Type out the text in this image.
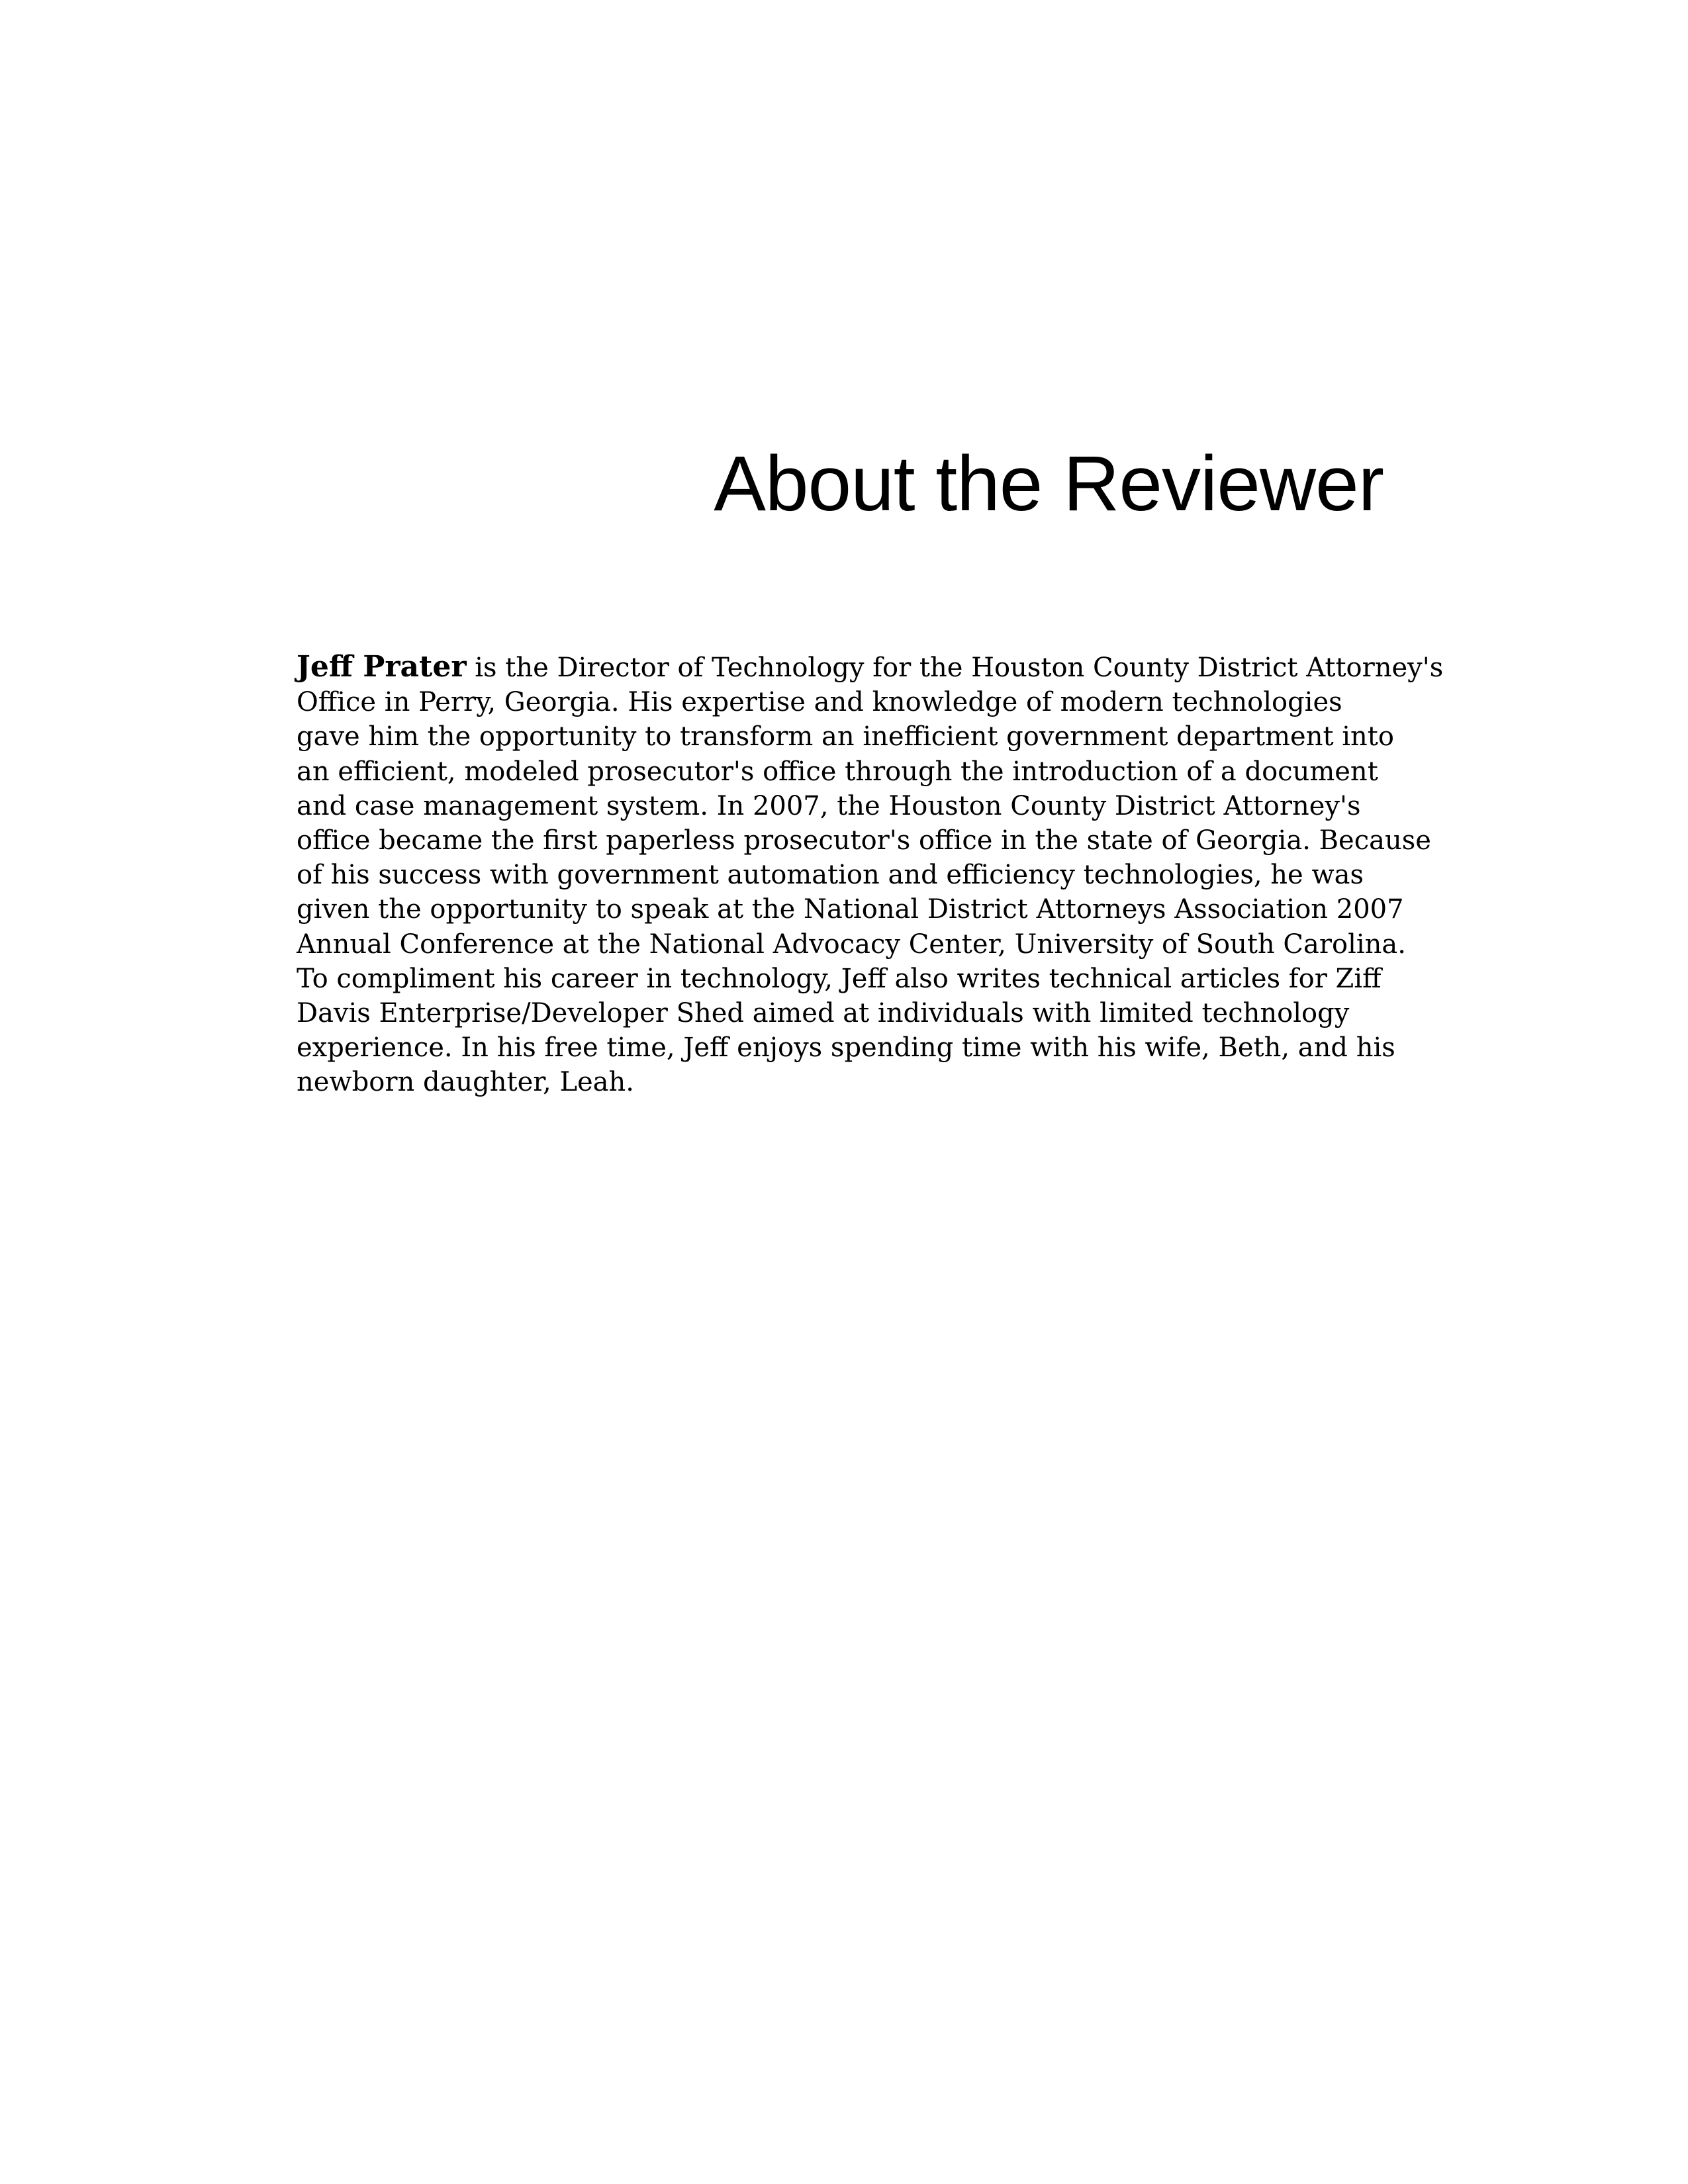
About the Reviewer
Jeff Prater is the Director of Technology for the Houston County District Attorney's
Office in Perry, Georgia. His expertise and knowledge of modern technologies
gave him the opportunity to transform an inefficient government department into
an efficient, modeled prosecutor's office through the introduction of a document
and case management system. In 2007, the Houston County District Attorney's
office became the first paperless prosecutor's office in the state of Georgia. Because
of his success with government automation and efficiency technologies, he was
given the opportunity to speak at the National District Attorneys Association 2007
Annual Conference at the National Advocacy Center, University of South Carolina.
To compliment his career in technology, Jeff also writes technical articles for Ziff
Davis Enterprise/Developer Shed aimed at individuals with limited technology
experience. In his free time, Jeff enjoys spending time with his wife, Beth, and his
newborn daughter, Leah.
